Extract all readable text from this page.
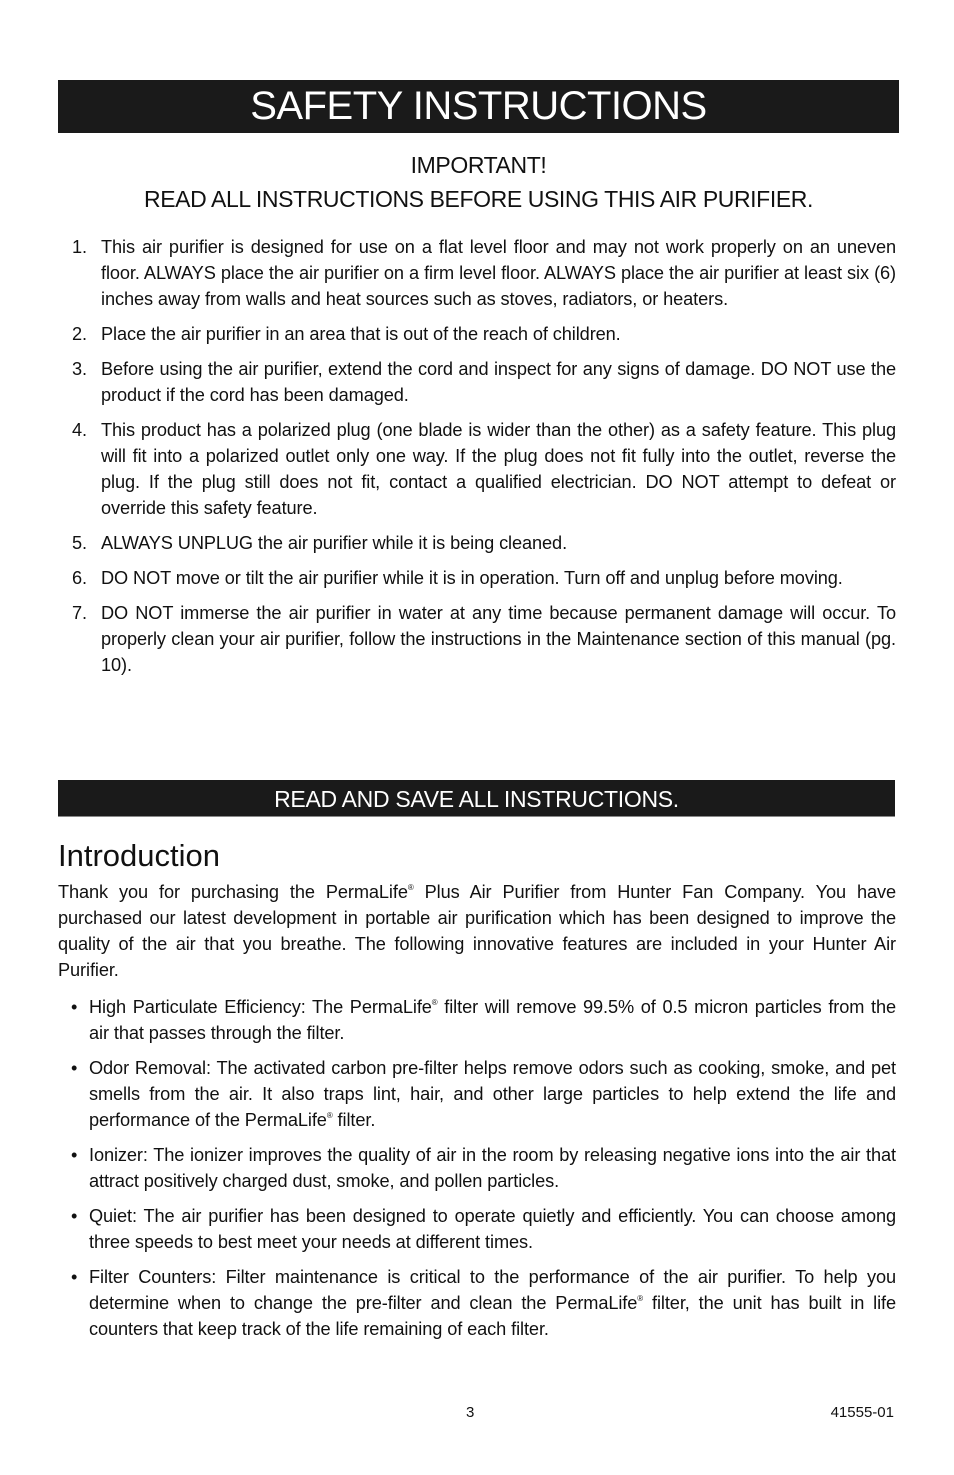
SAFETY INSTRUCTIONS
IMPORTANT!
READ ALL INSTRUCTIONS BEFORE USING THIS AIR PURIFIER.
1. This air purifier is designed for use on a flat level floor and may not work properly on an uneven floor. ALWAYS place the air purifier on a firm level floor. ALWAYS place the air purifier at least six (6) inches away from walls and heat sources such as stoves, radiators, or heaters.
2. Place the air purifier in an area that is out of the reach of children.
3. Before using the air purifier, extend the cord and inspect for any signs of damage. DO NOT use the product if the cord has been damaged.
4. This product has a polarized plug (one blade is wider than the other) as a safety feature. This plug will fit into a polarized outlet only one way. If the plug does not fit fully into the outlet, reverse the plug. If the plug still does not fit, contact a qualified electrician. DO NOT attempt to defeat or override this safety feature.
5. ALWAYS UNPLUG the air purifier while it is being cleaned.
6. DO NOT move or tilt the air purifier while it is in operation. Turn off and unplug before moving.
7. DO NOT immerse the air purifier in water at any time because permanent damage will occur. To properly clean your air purifier, follow the instructions in the Maintenance section of this manual (pg. 10).
READ AND SAVE ALL INSTRUCTIONS.
Introduction

Thank you for purchasing the PermaLife® Plus Air Purifier from Hunter Fan Company. You have purchased our latest development in portable air purification which has been designed to improve the quality of the air that you breathe. The following innovative features are included in your Hunter Air Purifier.

• High Particulate Efficiency: The PermaLife® filter will remove 99.5% of 0.5 micron particles from the air that passes through the filter.
• Odor Removal: The activated carbon pre-filter helps remove odors such as cooking, smoke, and pet smells from the air. It also traps lint, hair, and other large particles to help extend the life and performance of the PermaLife® filter.
• Ionizer: The ionizer improves the quality of air in the room by releasing negative ions into the air that attract positively charged dust, smoke, and pollen particles.
• Quiet: The air purifier has been designed to operate quietly and efficiently. You can choose among three speeds to best meet your needs at different times.
• Filter Counters: Filter maintenance is critical to the performance of the air purifier. To help you determine when to change the pre-filter and clean the PermaLife® filter, the unit has built in life counters that keep track of the life remaining of each filter.
3	41555-01
